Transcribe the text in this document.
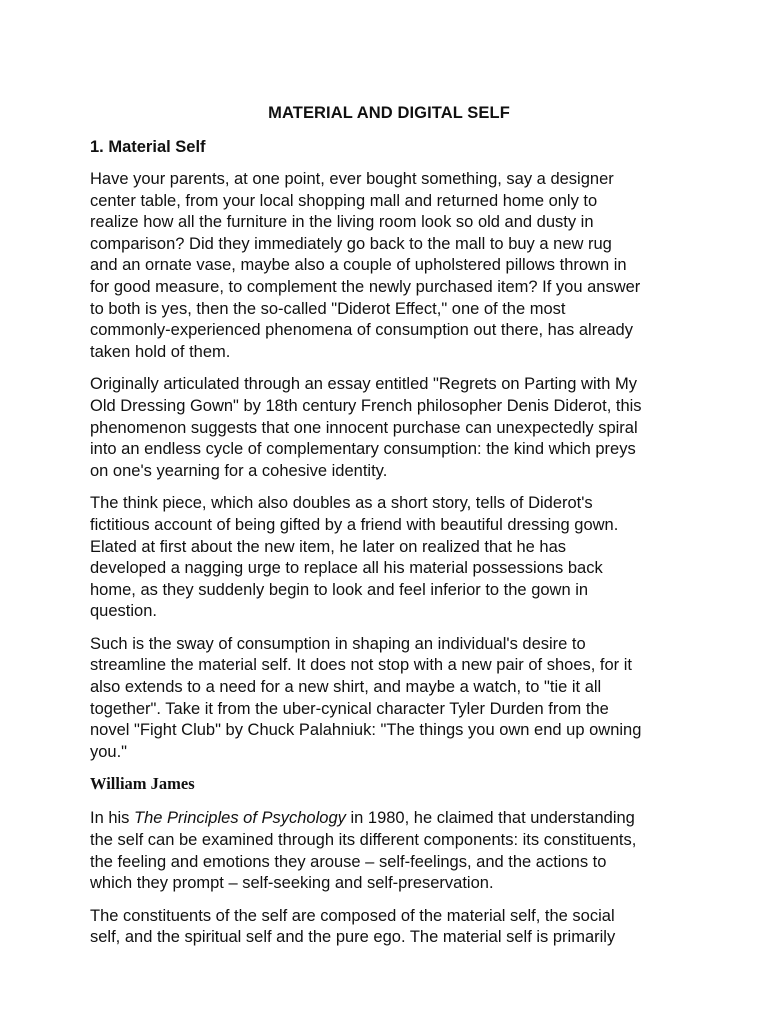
MATERIAL AND DIGITAL SELF
1. Material Self
Have your parents, at one point, ever bought something, say a designer
center table, from your local shopping mall and returned home only to
realize how all the furniture in the living room look so old and dusty in
comparison? Did they immediately go back to the mall to buy a new rug
and an ornate vase, maybe also a couple of upholstered pillows thrown in
for good measure, to complement the newly purchased item? If you answer
to both is yes, then the so-called "Diderot Effect," one of the most
commonly-experienced phenomena of consumption out there, has already
taken hold of them.
Originally articulated through an essay entitled "Regrets on Parting with My
Old Dressing Gown" by 18th century French philosopher Denis Diderot, this
phenomenon suggests that one innocent purchase can unexpectedly spiral
into an endless cycle of complementary consumption: the kind which preys
on one's yearning for a cohesive identity.
The think piece, which also doubles as a short story, tells of Diderot's
fictitious account of being gifted by a friend with beautiful dressing gown.
Elated at first about the new item, he later on realized that he has
developed a nagging urge to replace all his material possessions back
home, as they suddenly begin to look and feel inferior to the gown in
question.
Such is the sway of consumption in shaping an individual's desire to
streamline the material self. It does not stop with a new pair of shoes, for it
also extends to a need for a new shirt, and maybe a watch, to "tie it all
together". Take it from the uber-cynical character Tyler Durden from the
novel "Fight Club" by Chuck Palahniuk: "The things you own end up owning
you."
William James
In his The Principles of Psychology in 1980, he claimed that understanding
the self can be examined through its different components: its constituents,
the feeling and emotions they arouse – self-feelings, and the actions to
which they prompt – self-seeking and self-preservation.
The constituents of the self are composed of the material self, the social
self, and the spiritual self and the pure ego. The material self is primarily
